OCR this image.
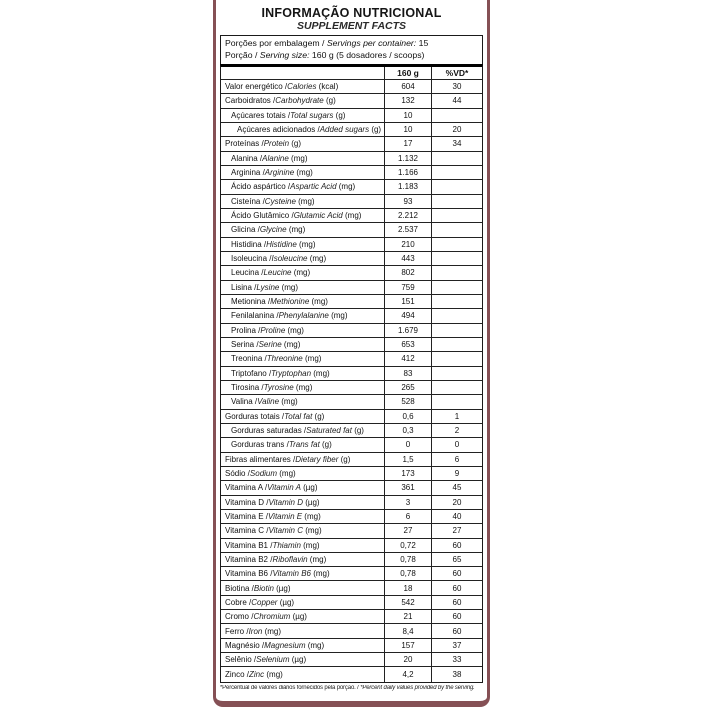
INFORMAÇÃO NUTRICIONAL
SUPPLEMENT FACTS
Porções por embalagem / Servings per container: 15
Porção / Serving size: 160 g (5 dosadores / scoops)
160 g	%VD*
Valor energético / Calories (kcal)	604	30
Carboidratos / Carbohydrate (g)	132	44
Açúcares totais / Total sugars (g)	10
Açúcares adicionados / Added sugars (g)	10	20
Proteínas / Protein (g)	17	34
Alanina / Alanine (mg)	1.132
Arginina / Arginine (mg)	1.166
Ácido aspártico / Aspartic Acid (mg)	1.183
Cisteína / Cysteine (mg)	93
Ácido Glutâmico / Glutamic Acid (mg)	2.212
Glicina / Glycine (mg)	2.537
Histidina / Histidine (mg)	210
Isoleucina / Isoleucine (mg)	443
Leucina / Leucine (mg)	802
Lisina / Lysine (mg)	759
Metionina / Methionine (mg)	151
Fenilalanina / Phenylalanine (mg)	494
Prolina / Proline (mg)	1.679
Serina / Serine (mg)	653
Treonina / Threonine (mg)	412
Triptofano / Tryptophan (mg)	83
Tirosina / Tyrosine (mg)	265
Valina / Valine (mg)	528
Gorduras totais / Total fat (g)	0,6	1
Gorduras saturadas / Saturated fat (g)	0,3	2
Gorduras trans / Trans fat (g)	0	0
Fibras alimentares / Dietary fiber (g)	1,5	6
Sódio / Sodium (mg)	173	9
Vitamina A / Vitamin A (µg)	361	45
Vitamina D / Vitamin D (µg)	3	20
Vitamina E / Vitamin E (mg)	6	40
Vitamina C / Vitamin C (mg)	27	27
Vitamina B1 / Thiamin (mg)	0,72	60
Vitamina B2 / Riboflavin (mg)	0,78	65
Vitamina B6 / Vitamin B6 (mg)	0,78	60
Biotina / Biotin (µg)	18	60
Cobre / Copper (µg)	542	60
Cromo / Chromium (µg)	21	60
Ferro / Iron (mg)	8,4	60
Magnésio / Magnesium (mg)	157	37
Selênio / Selenium (µg)	20	33
Zinco / Zinc (mg)	4,2	38
*Percentual de valores diários fornecidos pela porção. / *Percent daily values provided by the serving.
